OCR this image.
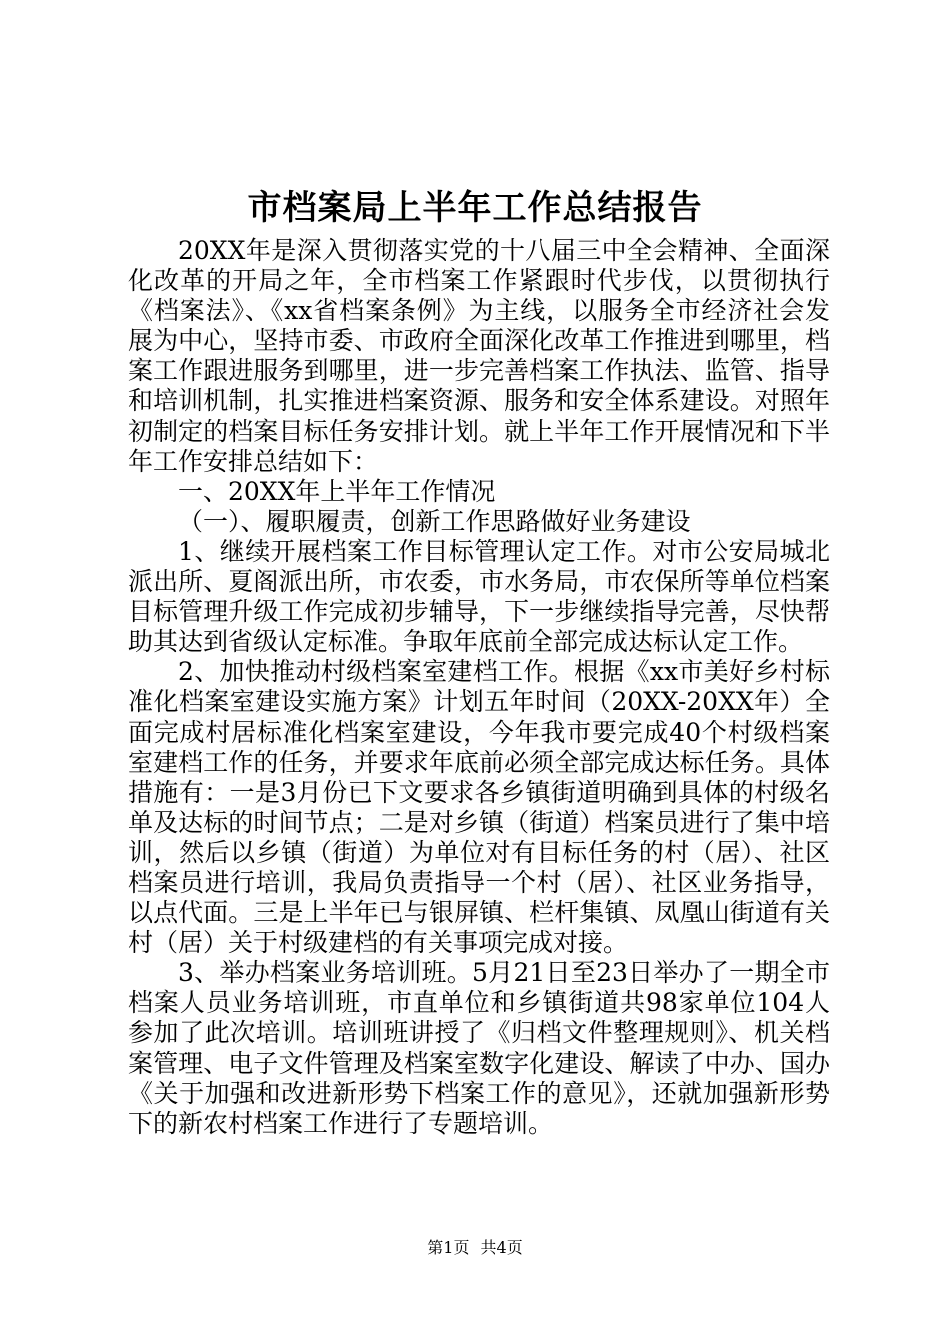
市档案局上半年工作总结报告

20XX年是深入贯彻落实党的十八届三中全会精神、全面深化改革的开局之年，全市档案工作紧跟时代步伐，以贯彻执行《档案法》、《xx省档案条例》为主线，以服务全市经济社会发展为中心，坚持市委、市政府全面深化改革工作推进到哪里，档案工作跟进服务到哪里，进一步完善档案工作执法、监管、指导和培训机制，扎实推进档案资源、服务和安全体系建设。对照年初制定的档案目标任务安排计划。就上半年工作开展情况和下半年工作安排总结如下：

一、20XX年上半年工作情况

（一）、履职履责，创新工作思路做好业务建设

1、继续开展档案工作目标管理认定工作。对市公安局城北派出所、夏阁派出所，市农委，市水务局，市农保所等单位档案目标管理升级工作完成初步辅导，下一步继续指导完善，尽快帮助其达到省级认定标准。争取年底前全部完成达标认定工作。

2、加快推动村级档案室建档工作。根据《xx市美好乡村标准化档案室建设实施方案》计划五年时间（20XX-20XX年）全面完成村居标准化档案室建设，今年我市要完成40个村级档案室建档工作的任务，并要求年底前必须全部完成达标任务。具体措施有：一是3月份已下文要求各乡镇街道明确到具体的村级名单及达标的时间节点；二是对乡镇（街道）档案员进行了集中培训，然后以乡镇（街道）为单位对有目标任务的村（居）、社区档案员进行培训，我局负责指导一个村（居）、社区业务指导，以点代面。三是上半年已与银屏镇、栏杆集镇、凤凰山街道有关村（居）关于村级建档的有关事项完成对接。

3、举办档案业务培训班。5月21日至23日举办了一期全市档案人员业务培训班，市直单位和乡镇街道共98家单位104人参加了此次培训。培训班讲授了《归档文件整理规则》、机关档案管理、电子文件管理及档案室数字化建设、解读了中办、国办《关于加强和改进新形势下档案工作的意见》，还就加强新形势下的新农村档案工作进行了专题培训。

第1页 共4页
